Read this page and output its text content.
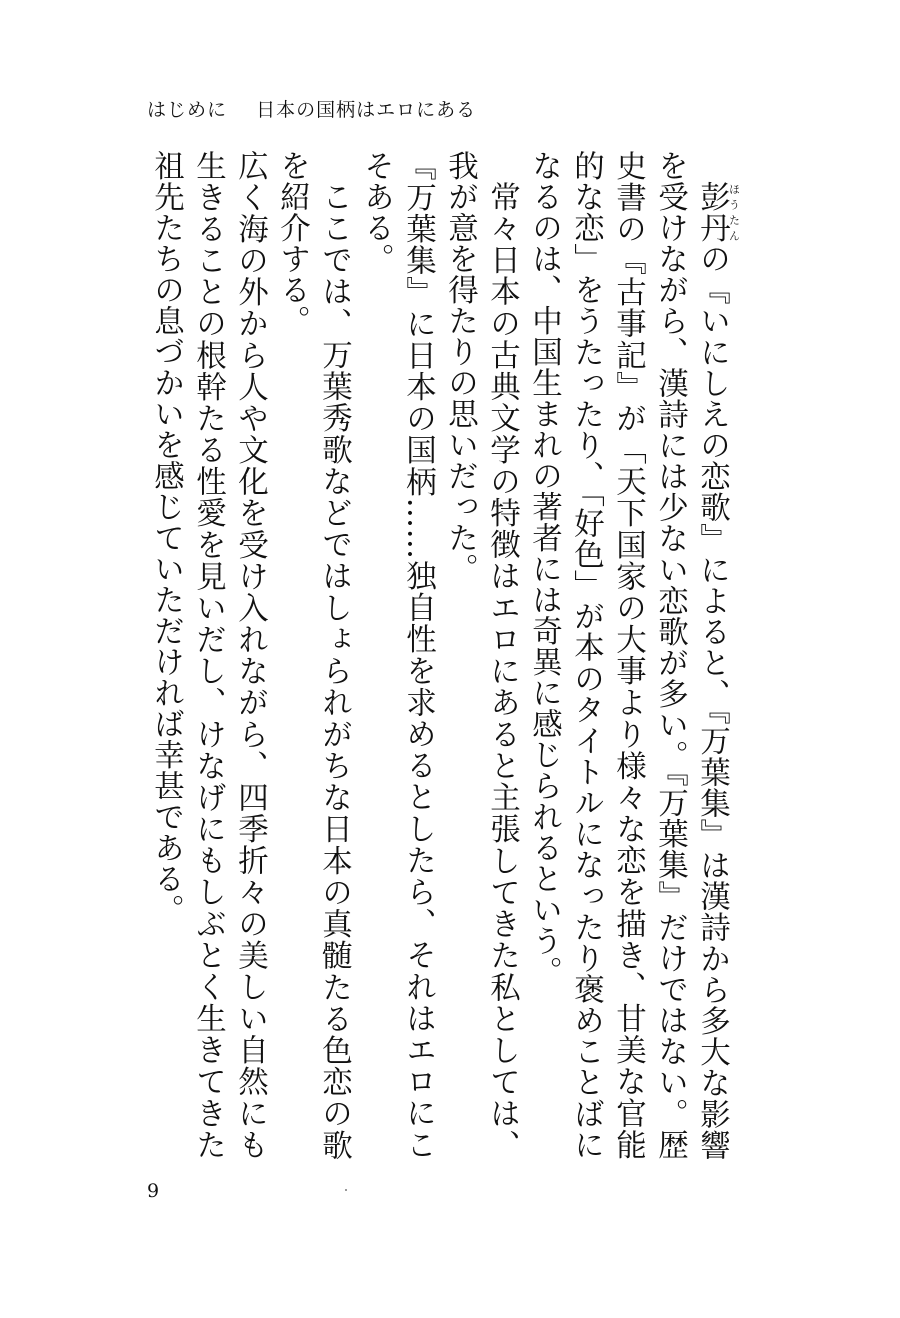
はじめに 日本の国柄はエロにある

彭丹ほうたんの『いにしえの恋歌』によると、『万葉集』は漢詩から多大な影響を受けながら、漢詩には少ない恋歌が多い。『万葉集』だけではない。歴史書の『古事記』が「天下国家の大事より様々な恋を描き、甘美な官能的な恋」をうたったり、「好色」が本のタイトルになったり褒めことばになるのは、中国生まれの著者には奇異に感じられるという。

常々日本の古典文学の特徴はエロにあると主張してきた私としては、我が意を得たりの思いだった。

『万葉集』に日本の国柄……独自性を求めるとしたら、それはエロにこそある。

ここでは、万葉秀歌などではしょられがちな日本の真髄たる色恋の歌を紹介する。

広く海の外から人や文化を受け入れながら、四季折々の美しい自然にも生きることの根幹たる性愛を見いだし、けなげにもしぶとく生きてきた祖先たちの息づかいを感じていただければ幸甚である。

9
